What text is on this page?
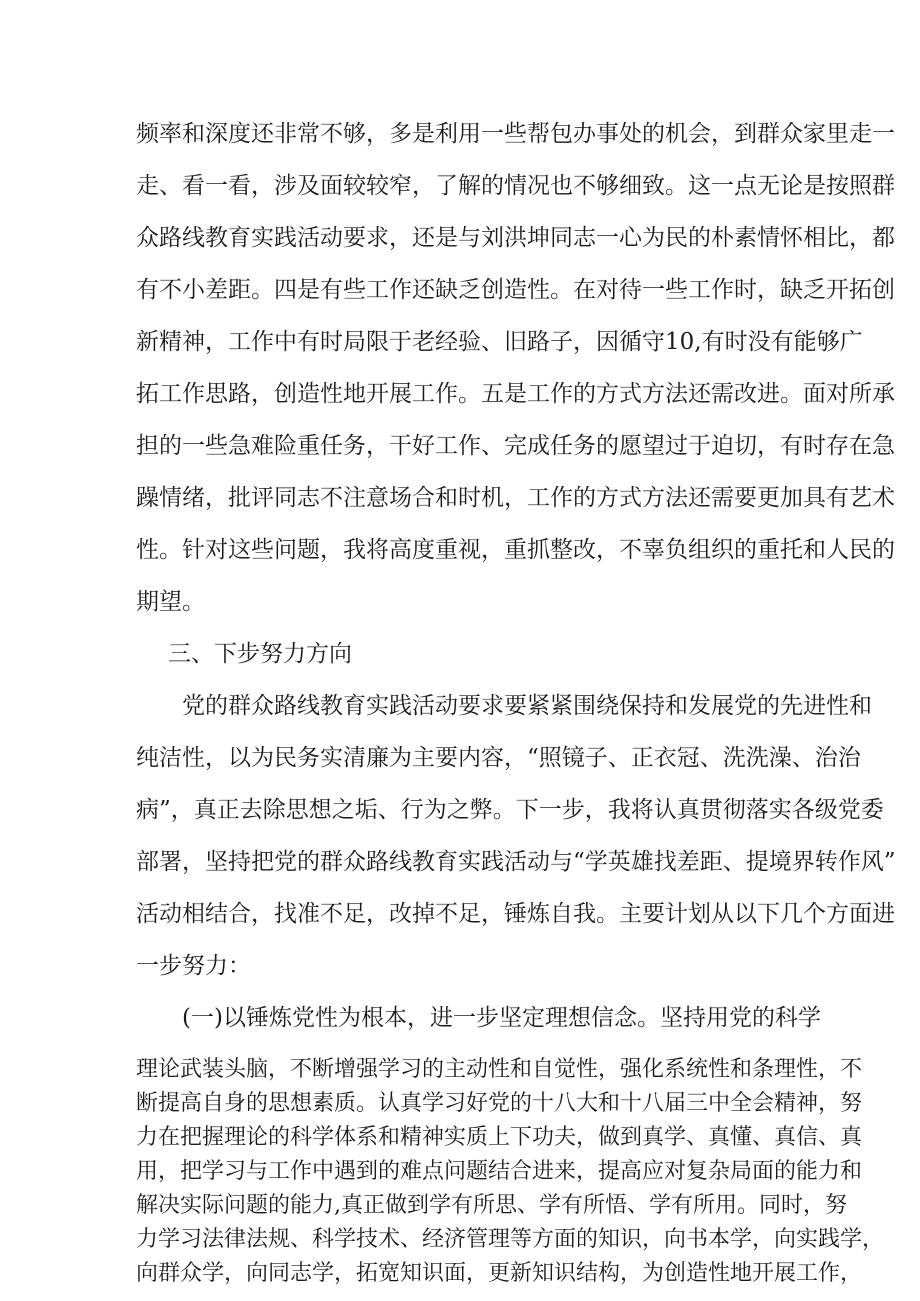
频率和深度还非常不够，多是利用一些帮包办事处的机会，到群众家里走一
走、看一看，涉及面较较窄，了解的情况也不够细致。这一点无论是按照群
众路线教育实践活动要求，还是与刘洪坤同志一心为民的朴素情怀相比，都
有不小差距。四是有些工作还缺乏创造性。在对待一些工作时，缺乏开拓创
新精神，工作中有时局限于老经验、旧路子，因循守10,有时没有能够广
拓工作思路，创造性地开展工作。五是工作的方式方法还需改进。面对所承
担的一些急难险重任务，干好工作、完成任务的愿望过于迫切，有时存在急
躁情绪，批评同志不注意场合和时机，工作的方式方法还需要更加具有艺术
性。针对这些问题，我将高度重视，重抓整改，不辜负组织的重托和人民的
期望。
三、下步努力方向
党的群众路线教育实践活动要求要紧紧围绕保持和发展党的先进性和
纯洁性，以为民务实清廉为主要内容，“照镜子、正衣冠、洗洗澡、治治
病”，真正去除思想之垢、行为之弊。下一步，我将认真贯彻落实各级党委
部署，坚持把党的群众路线教育实践活动与“学英雄找差距、提境界转作风”
活动相结合，找准不足，改掉不足，锤炼自我。主要计划从以下几个方面进
一步努力：
(一)以锤炼党性为根本，进一步坚定理想信念。坚持用党的科学
理论武装头脑，不断增强学习的主动性和自觉性，强化系统性和条理性，不
断提高自身的思想素质。认真学习好党的十八大和十八届三中全会精神，努
力在把握理论的科学体系和精神实质上下功夫，做到真学、真懂、真信、真
用，把学习与工作中遇到的难点问题结合进来，提高应对复杂局面的能力和
解决实际问题的能力,真正做到学有所思、学有所悟、学有所用。同时，努
力学习法律法规、科学技术、经济管理等方面的知识，向书本学，向实践学，
向群众学，向同志学，拓宽知识面，更新知识结构，为创造性地开展工作，
